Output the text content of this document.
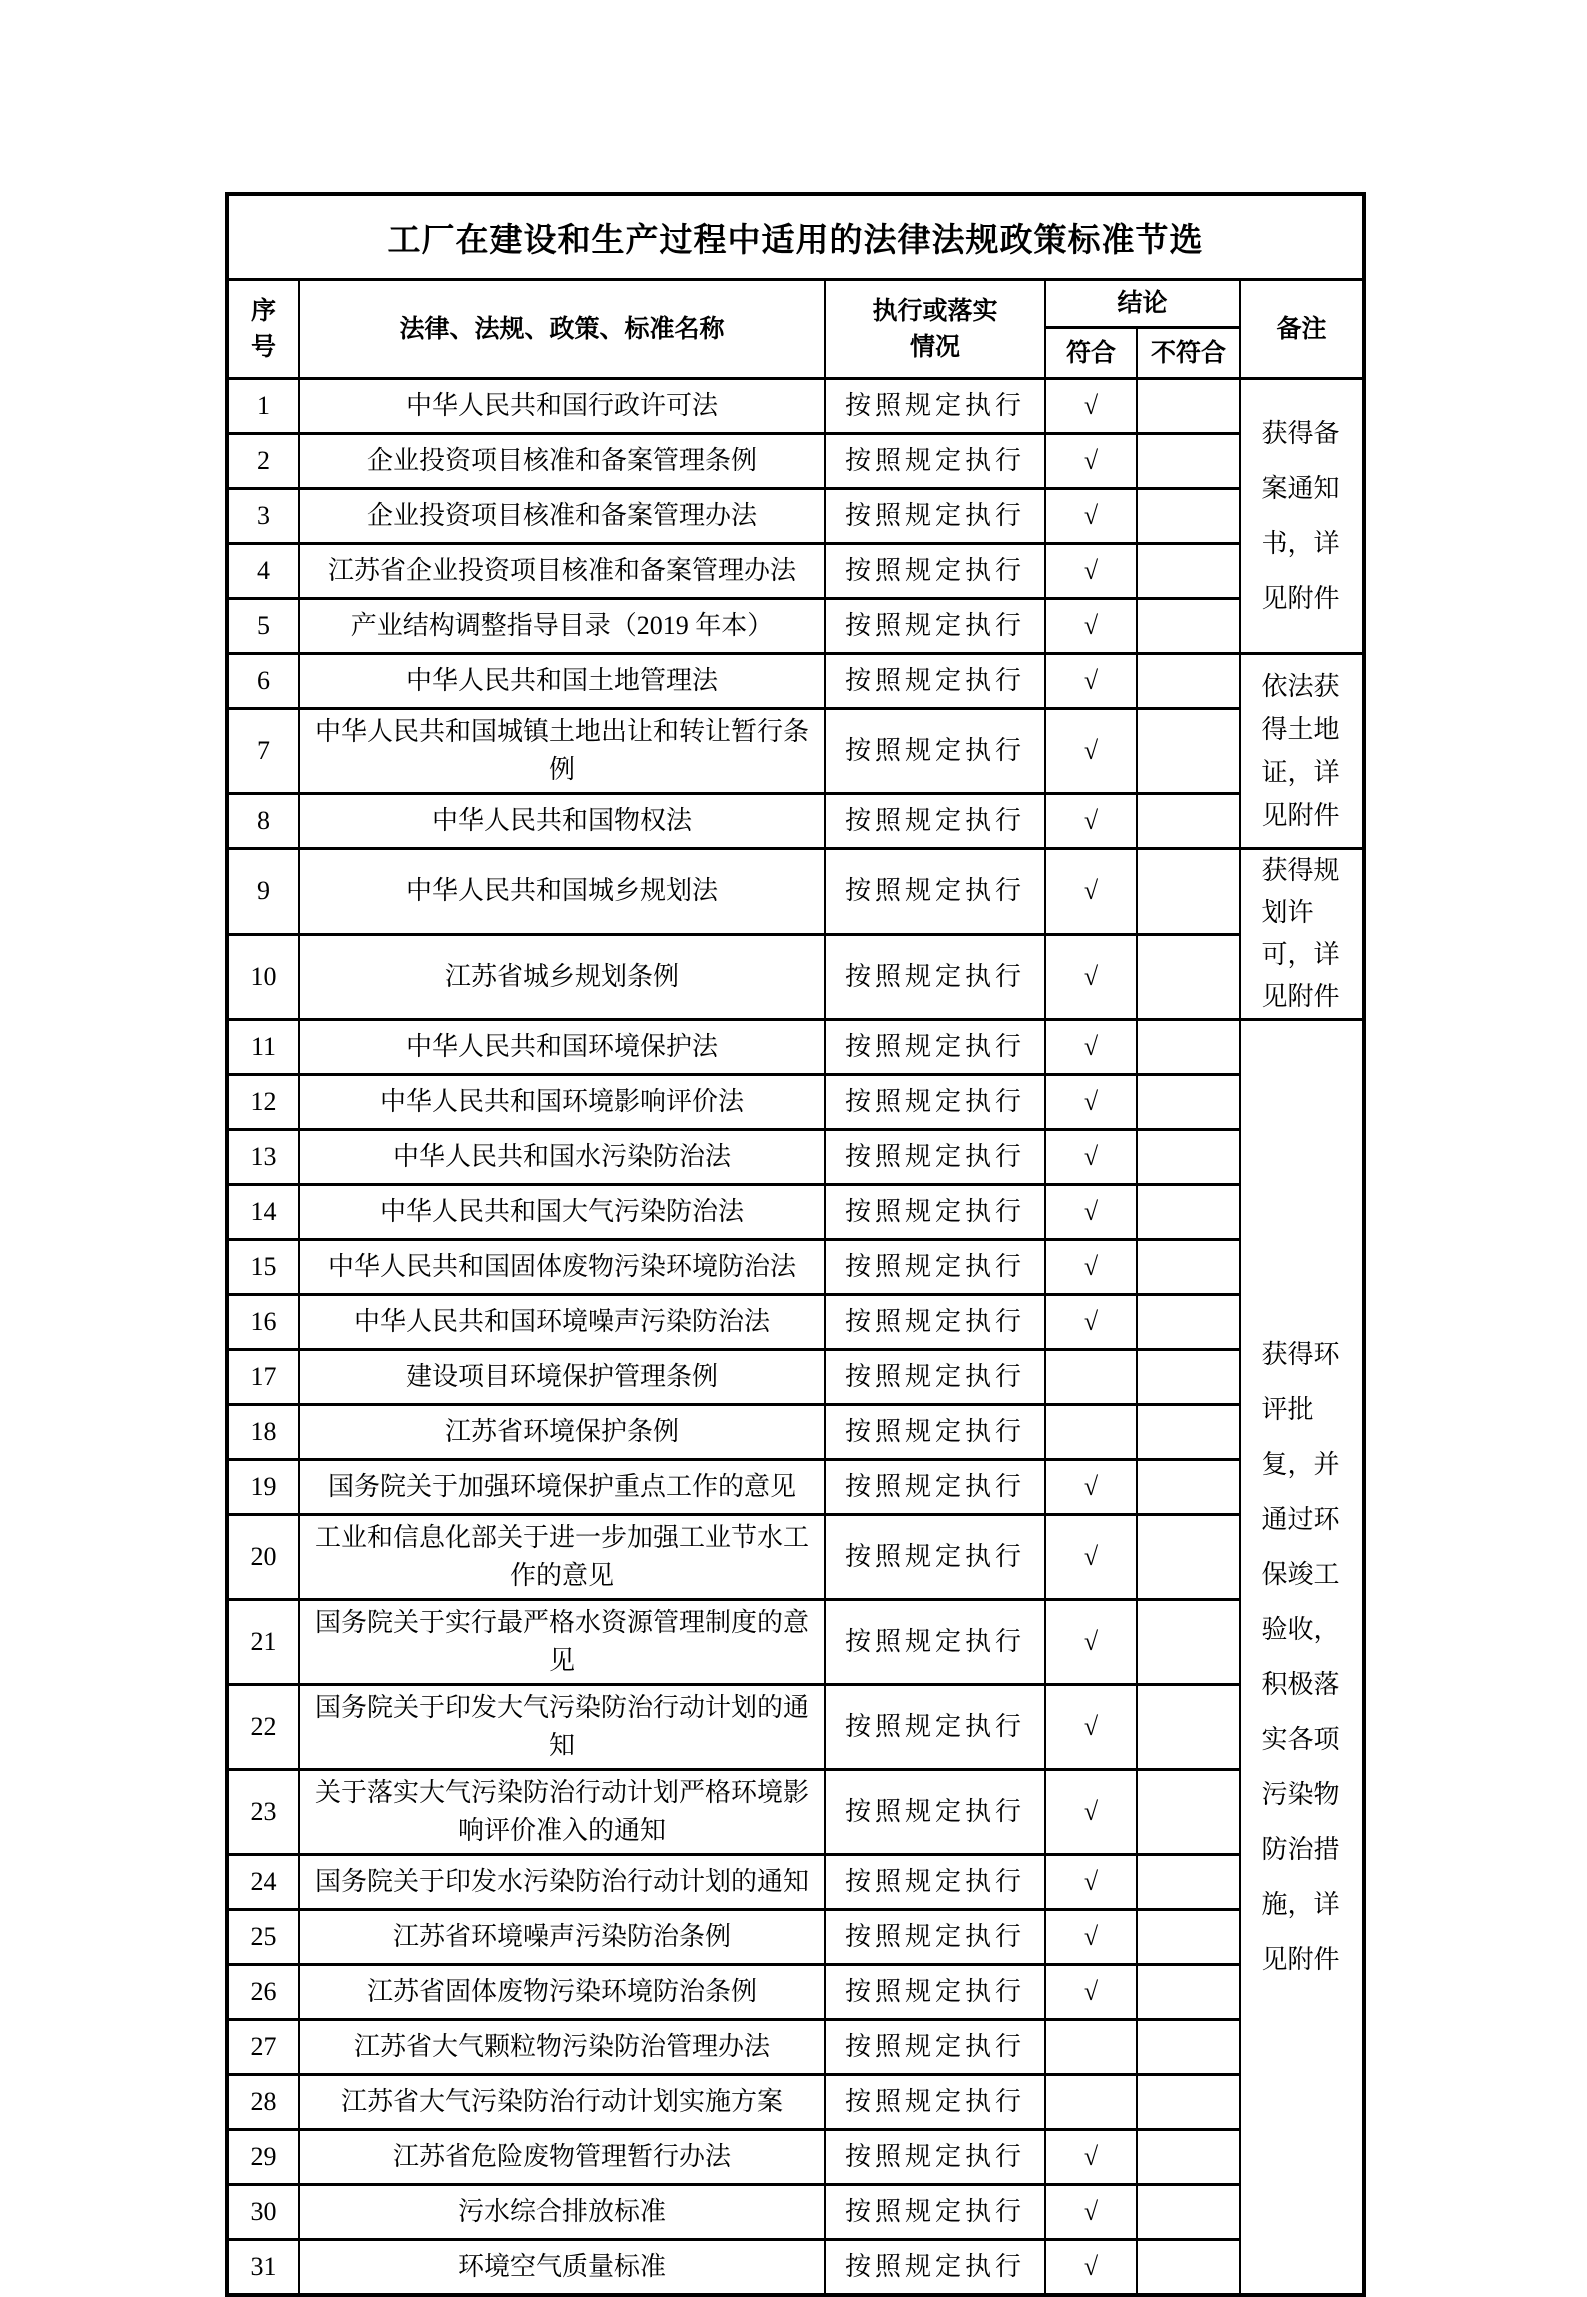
工厂在建设和生产过程中适用的法律法规政策标准节选					
序号	法律、法规、政策、标准名称	执行或落实情况	结论		备注
			符合	不符合	
1	中华人民共和国行政许可法	按照规定执行	√		获得备案通知书，详见附件

2	企业投资项目核准和备案管理条例	按照规定执行	√		
3	企业投资项目核准和备案管理办法	按照规定执行	√		
4	江苏省企业投资项目核准和备案管理办法	按照规定执行	√		
5	产业结构调整指导目录（2019 年本）	按照规定执行	√		
6	中华人民共和国土地管理法	按照规定执行	√		依法获得土地证，详见附件

7	中华人民共和国城镇土地出让和转让暂行条例	按照规定执行	√		
8	中华人民共和国物权法	按照规定执行	√		
9	中华人民共和国城乡规划法	按照规定执行	√		获得规划许可，详见附件

10	江苏省城乡规划条例	按照规定执行	√		
11	中华人民共和国环境保护法	按照规定执行	√		获得环评批复，并通过环保竣工验收，积极落实各项污染物防治措施，详见附件

12	中华人民共和国环境影响评价法	按照规定执行	√		
13	中华人民共和国水污染防治法	按照规定执行	√		
14	中华人民共和国大气污染防治法	按照规定执行	√		
15	中华人民共和国固体废物污染环境防治法	按照规定执行	√		
16	中华人民共和国环境噪声污染防治法	按照规定执行	√		
17	建设项目环境保护管理条例	按照规定执行			
18	江苏省环境保护条例	按照规定执行			
19	国务院关于加强环境保护重点工作的意见	按照规定执行	√		
20	工业和信息化部关于进一步加强工业节水工作的意见	按照规定执行	√		
21	国务院关于实行最严格水资源管理制度的意见	按照规定执行	√		
22	国务院关于印发大气污染防治行动计划的通知	按照规定执行	√		
23	关于落实大气污染防治行动计划严格环境影响评价准入的通知	按照规定执行	√		
24	国务院关于印发水污染防治行动计划的通知	按照规定执行	√		
25	江苏省环境噪声污染防治条例	按照规定执行	√		
26	江苏省固体废物污染环境防治条例	按照规定执行	√		
27	江苏省大气颗粒物污染防治管理办法	按照规定执行			
28	江苏省大气污染防治行动计划实施方案	按照规定执行			
29	江苏省危险废物管理暂行办法	按照规定执行	√		
30	污水综合排放标准	按照规定执行	√		
31	环境空气质量标准	按照规定执行	√		
